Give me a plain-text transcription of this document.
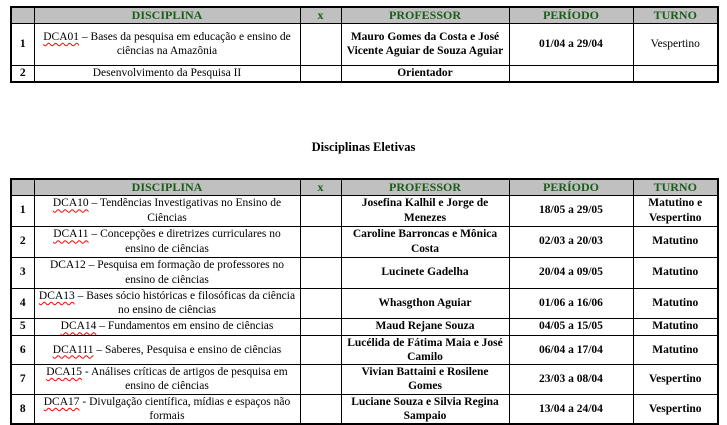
	DISCIPLINA	x	PROFESSOR	PERÍODO	TURNO
1	DCA01 – Bases da pesquisa em educação e ensino de ciências na Amazônia		Mauro Gomes da Costa e José Vicente Aguiar de Souza Aguiar	01/04 a 29/04	Vespertino
2	Desenvolvimento da Pesquisa II		Orientador		
Disciplinas Eletivas
	DISCIPLINA	x	PROFESSOR	PERÍODO	TURNO
1	DCA10 – Tendências Investigativas no Ensino de Ciências		Josefina Kalhil e Jorge de Menezes	18/05 a 29/05	Matutino e Vespertino
2	DCA11 – Concepções e diretrizes curriculares no ensino de ciências		Caroline Barroncas e Mônica Costa	02/03 a 20/03	Matutino
3	DCA12 – Pesquisa em formação de professores no ensino de ciências		Lucinete Gadelha	20/04 a 09/05	Matutino
4	DCA13 – Bases sócio históricas e filosóficas da ciência no ensino de ciências		Whasgthon Aguiar	01/06 a 16/06	Matutino
5	DCA14 – Fundamentos em ensino de ciências		Maud Rejane Souza	04/05 a 15/05	Matutino
6	DCA111 – Saberes, Pesquisa e ensino de ciências		Lucélida de Fátima Maia e José Camilo	06/04 a 17/04	Matutino
7	DCA15 - Análises críticas de artigos de pesquisa em ensino de ciências		Vivian Battaini e Rosilene Gomes	23/03 a 08/04	Vespertino
8	DCA17 - Divulgação científica, mídias e espaços não formais		Luciane Souza e Silvia Regina Sampaio	13/04 a 24/04	Vespertino
